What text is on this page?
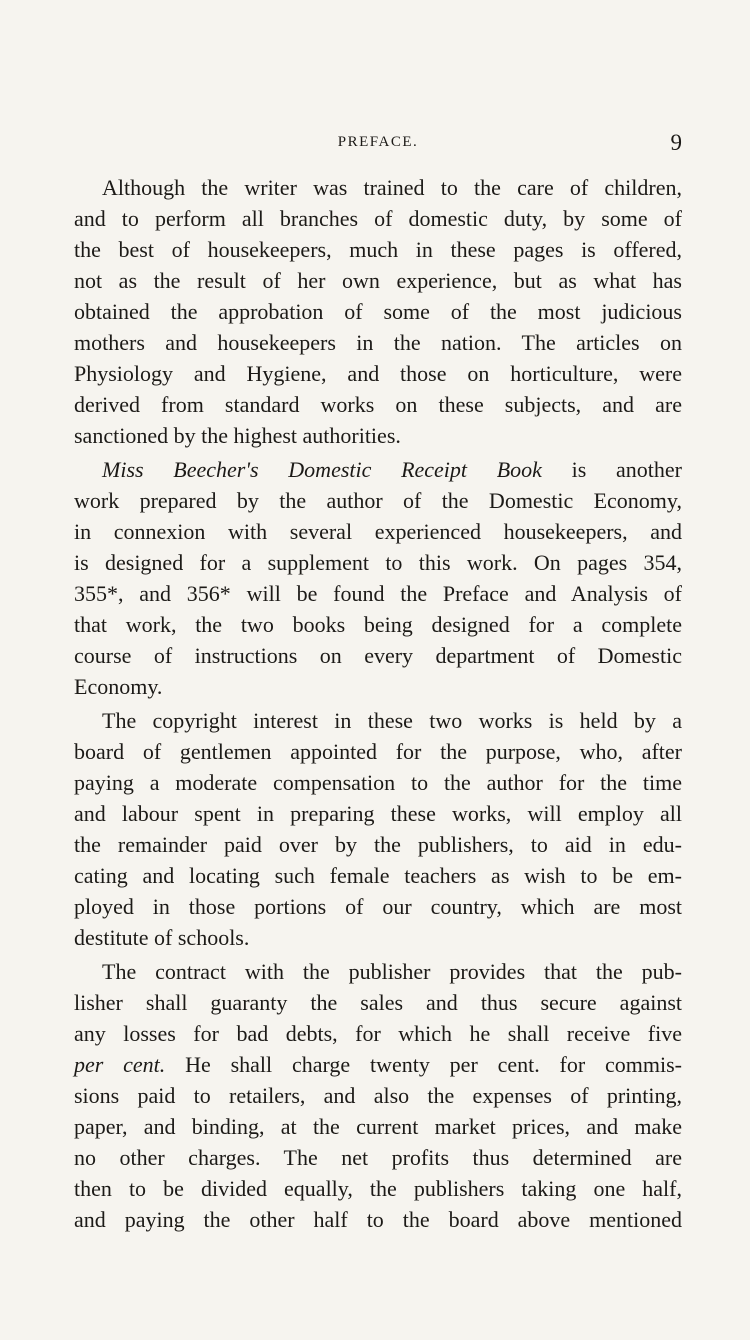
PREFACE.	9

Although the writer was trained to the care of children,
and to perform all branches of domestic duty, by some of
the best of housekeepers, much in these pages is offered,
not as the result of her own experience, but as what has
obtained the approbation of some of the most judicious
mothers and housekeepers in the nation. The articles on
Physiology and Hygiene, and those on horticulture, were
derived from standard works on these subjects, and are
sanctioned by the highest authorities.

Miss Beecher's Domestic Receipt Book is another
work prepared by the author of the Domestic Economy,
in connexion with several experienced housekeepers, and
is designed for a supplement to this work. On pages 354,
355*, and 356* will be found the Preface and Analysis of
that work, the two books being designed for a complete
course of instructions on every department of Domestic
Economy.

The copyright interest in these two works is held by a
board of gentlemen appointed for the purpose, who, after
paying a moderate compensation to the author for the time
and labour spent in preparing these works, will employ all
the remainder paid over by the publishers, to aid in edu-
cating and locating such female teachers as wish to be em-
ployed in those portions of our country, which are most
destitute of schools.

The contract with the publisher provides that the pub-
lisher shall guaranty the sales and thus secure against
any losses for bad debts, for which he shall receive five
per cent. He shall charge twenty per cent. for commis-
sions paid to retailers, and also the expenses of printing,
paper, and binding, at the current market prices, and make
no other charges. The net profits thus determined are
then to be divided equally, the publishers taking one half,
and paying the other half to the board above mentioned
